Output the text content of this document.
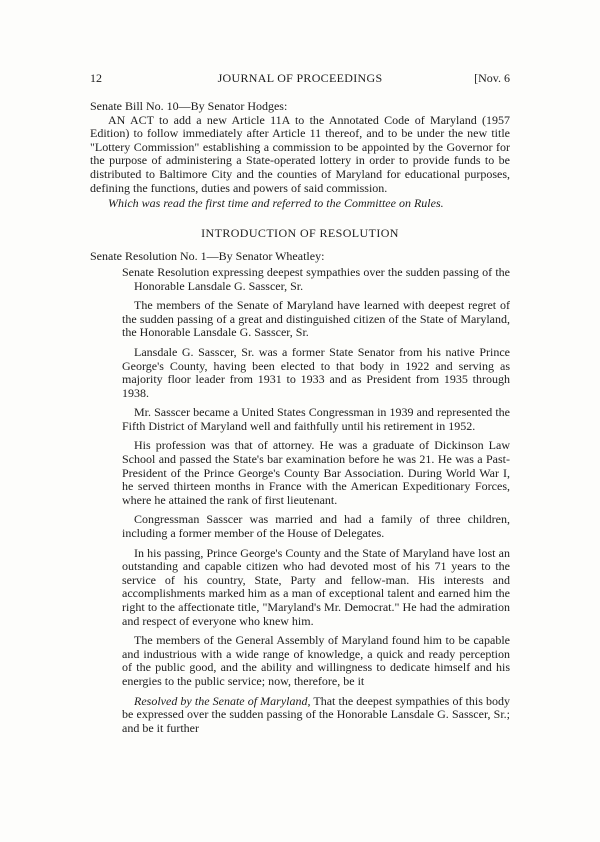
12	JOURNAL OF PROCEEDINGS	[Nov. 6

Senate Bill No. 10—By Senator Hodges:

AN ACT to add a new Article 11A to the Annotated Code of Maryland (1957 Edition) to follow immediately after Article 11 thereof, and to be under the new title "Lottery Commission" establishing a commission to be appointed by the Governor for the purpose of administering a State-operated lottery in order to provide funds to be distributed to Baltimore City and the counties of Maryland for educational purposes, defining the functions, duties and powers of said commission.

Which was read the first time and referred to the Committee on Rules.

INTRODUCTION OF RESOLUTION

Senate Resolution No. 1—By Senator Wheatley:

Senate Resolution expressing deepest sympathies over the sudden passing of the Honorable Lansdale G. Sasscer, Sr.

The members of the Senate of Maryland have learned with deepest regret of the sudden passing of a great and distinguished citizen of the State of Maryland, the Honorable Lansdale G. Sasscer, Sr.

Lansdale G. Sasscer, Sr. was a former State Senator from his native Prince George's County, having been elected to that body in 1922 and serving as majority floor leader from 1931 to 1933 and as President from 1935 through 1938.

Mr. Sasscer became a United States Congressman in 1939 and represented the Fifth District of Maryland well and faithfully until his retirement in 1952.

His profession was that of attorney. He was a graduate of Dickinson Law School and passed the State's bar examination before he was 21. He was a Past-President of the Prince George's County Bar Association. During World War I, he served thirteen months in France with the American Expeditionary Forces, where he attained the rank of first lieutenant.

Congressman Sasscer was married and had a family of three children, including a former member of the House of Delegates.

In his passing, Prince George's County and the State of Maryland have lost an outstanding and capable citizen who had devoted most of his 71 years to the service of his country, State, Party and fellow-man. His interests and accomplishments marked him as a man of exceptional talent and earned him the right to the affectionate title, "Maryland's Mr. Democrat." He had the admiration and respect of everyone who knew him.

The members of the General Assembly of Maryland found him to be capable and industrious with a wide range of knowledge, a quick and ready perception of the public good, and the ability and willingness to dedicate himself and his energies to the public service; now, therefore, be it

Resolved by the Senate of Maryland, That the deepest sympathies of this body be expressed over the sudden passing of the Honorable Lansdale G. Sasscer, Sr.; and be it further
